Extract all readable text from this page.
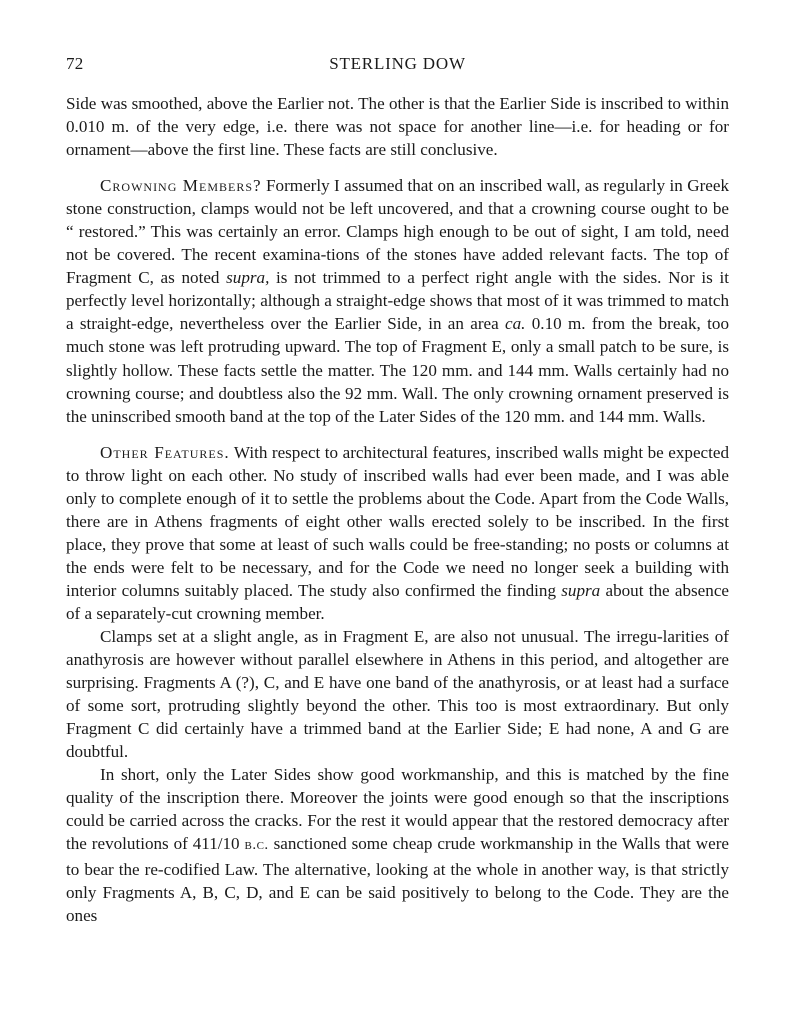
72	STERLING DOW

Side was smoothed, above the Earlier not. The other is that the Earlier Side is inscribed to within 0.010 m. of the very edge, i.e. there was not space for another line—i.e. for heading or for ornament—above the first line. These facts are still conclusive.

Crowning Members? Formerly I assumed that on an inscribed wall, as regularly in Greek stone construction, clamps would not be left uncovered, and that a crowning course ought to be “ restored.” This was certainly an error. Clamps high enough to be out of sight, I am told, need not be covered. The recent examina-tions of the stones have added relevant facts. The top of Fragment C, as noted supra, is not trimmed to a perfect right angle with the sides. Nor is it perfectly level horizontally; although a straight-edge shows that most of it was trimmed to match a straight-edge, nevertheless over the Earlier Side, in an area ca. 0.10 m. from the break, too much stone was left protruding upward. The top of Fragment E, only a small patch to be sure, is slightly hollow. These facts settle the matter. The 120 mm. and 144 mm. Walls certainly had no crowning course; and doubtless also the 92 mm. Wall. The only crowning ornament preserved is the uninscribed smooth band at the top of the Later Sides of the 120 mm. and 144 mm. Walls.

Other Features. With respect to architectural features, inscribed walls might be expected to throw light on each other. No study of inscribed walls had ever been made, and I was able only to complete enough of it to settle the problems about the Code. Apart from the Code Walls, there are in Athens fragments of eight other walls erected solely to be inscribed. In the first place, they prove that some at least of such walls could be free-standing; no posts or columns at the ends were felt to be necessary, and for the Code we need no longer seek a building with interior columns suitably placed. The study also confirmed the finding supra about the absence of a separately-cut crowning member.

Clamps set at a slight angle, as in Fragment E, are also not unusual. The irregu-larities of anathyrosis are however without parallel elsewhere in Athens in this period, and altogether are surprising. Fragments A (?), C, and E have one band of the anathyrosis, or at least had a surface of some sort, protruding slightly beyond the other. This too is most extraordinary. But only Fragment C did certainly have a trimmed band at the Earlier Side; E had none, A and G are doubtful.

In short, only the Later Sides show good workmanship, and this is matched by the fine quality of the inscription there. Moreover the joints were good enough so that the inscriptions could be carried across the cracks. For the rest it would appear that the restored democracy after the revolutions of 411/10 b.c. sanctioned some cheap crude workmanship in the Walls that were to bear the re-codified Law. The alternative, looking at the whole in another way, is that strictly only Fragments A, B, C, D, and E can be said positively to belong to the Code. They are the ones
